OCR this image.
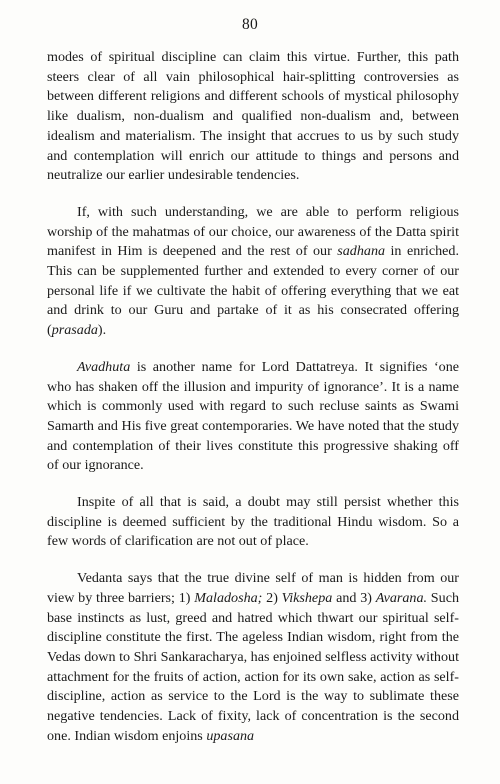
80

modes of spiritual discipline can claim this virtue. Further, this path steers clear of all vain philosophical hair-splitting controversies as between different religions and different schools of mystical philosophy like dualism, non-dualism and qualified non-dualism and, between idealism and materialism. The insight that accrues to us by such study and contemplation will enrich our attitude to things and persons and neutralize our earlier undesirable tendencies.

If, with such understanding, we are able to perform religious worship of the mahatmas of our choice, our awareness of the Datta spirit manifest in Him is deepened and the rest of our sadhana in enriched. This can be supplemented further and extended to every corner of our personal life if we cultivate the habit of offering everything that we eat and drink to our Guru and partake of it as his consecrated offering (prasada).

Avadhuta is another name for Lord Dattatreya. It signifies ‘one who has shaken off the illusion and impurity of ignorance’. It is a name which is commonly used with regard to such recluse saints as Swami Samarth and His five great contemporaries. We have noted that the study and contemplation of their lives constitute this progressive shaking off of our ignorance.

Inspite of all that is said, a doubt may still persist whether this discipline is deemed sufficient by the traditional Hindu wisdom. So a few words of clarification are not out of place.

Vedanta says that the true divine self of man is hidden from our view by three barriers; 1) Maladosha; 2) Vikshepa and 3) Avarana. Such base instincts as lust, greed and hatred which thwart our spiritual self-discipline constitute the first. The ageless Indian wisdom, right from the Vedas down to Shri Sankaracharya, has enjoined selfless activity without attachment for the fruits of action, action for its own sake, action as self-discipline, action as service to the Lord is the way to sublimate these negative tendencies. Lack of fixity, lack of concentration is the second one. Indian wisdom enjoins upasana
